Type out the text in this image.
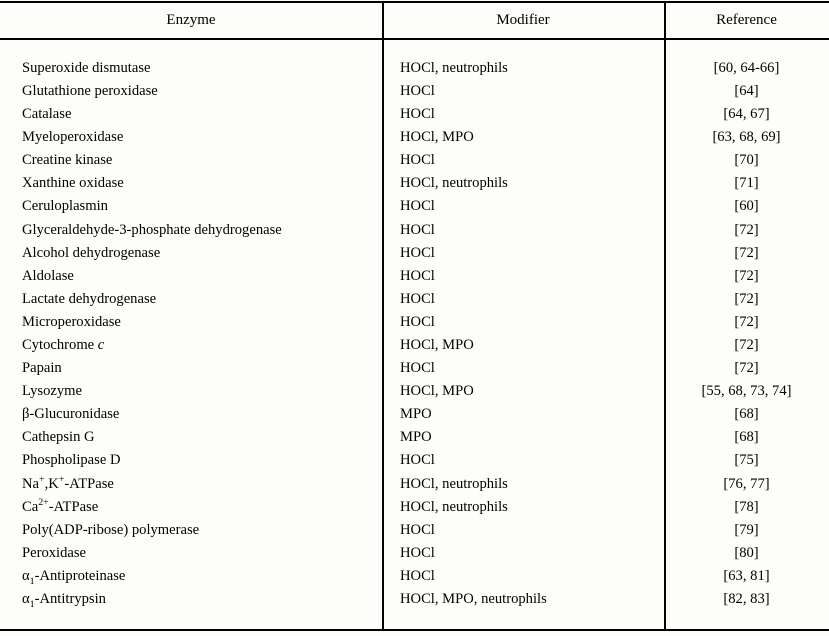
Enzyme	Modifier	Reference
Superoxide dismutase	HOCl, neutrophils	[60, 64-66]
Glutathione peroxidase	HOCl	[64]
Catalase	HOCl	[64, 67]
Myeloperoxidase	HOCl, MPO	[63, 68, 69]
Creatine kinase	HOCl	[70]
Xanthine oxidase	HOCl, neutrophils	[71]
Ceruloplasmin	HOCl	[60]
Glyceraldehyde-3-phosphate dehydrogenase	HOCl	[72]
Alcohol dehydrogenase	HOCl	[72]
Aldolase	HOCl	[72]
Lactate dehydrogenase	HOCl	[72]
Microperoxidase	HOCl	[72]
Cytochrome c	HOCl, MPO	[72]
Papain	HOCl	[72]
Lysozyme	HOCl, MPO	[55, 68, 73, 74]
β-Glucuronidase	MPO	[68]
Cathepsin G	MPO	[68]
Phospholipase D	HOCl	[75]
Na+,K+-ATPase	HOCl, neutrophils	[76, 77]
$Ca^{2+}$-ATPase	HOCl, neutrophils	[78]
Poly(ADP-ribose) polymerase	HOCl	[79]
Peroxidase	HOCl	[80]
$\alpha_1$-Antiproteinase	HOCl	[63, 81]
$\alpha_1$-Antitrypsin	HOCl, MPO, neutrophils	[82, 83]
